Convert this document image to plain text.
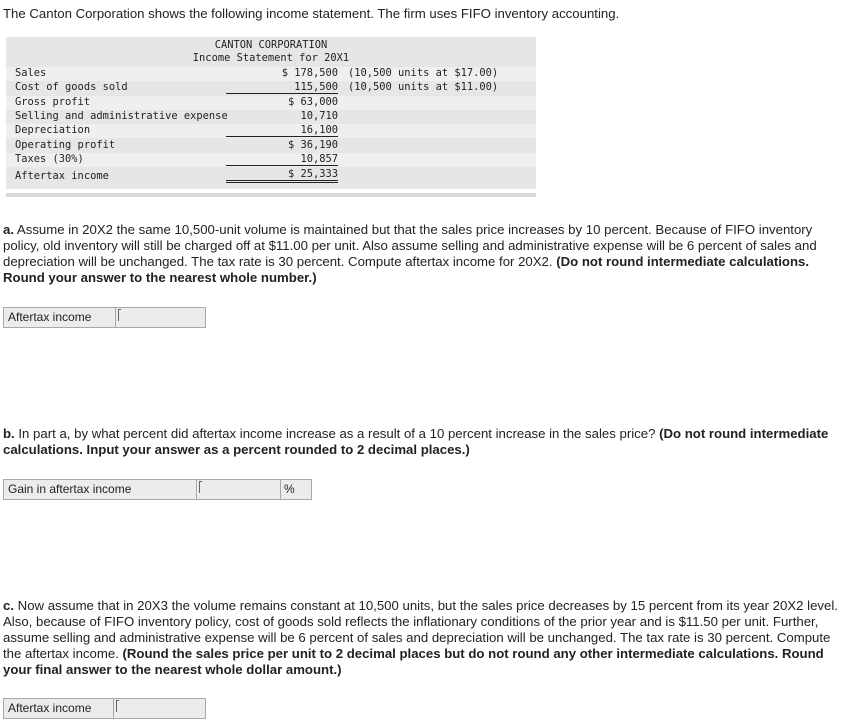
The Canton Corporation shows the following income statement. The firm uses FIFO inventory accounting.
CANTON CORPORATION
Income Statement for 20X1
Sales	$ 178,500 (10,500 units at $17.00)
Cost of goods sold	115,500 (10,500 units at $11.00)
Gross profit	$ 63,000
Selling and administrative expense	10,710
Depreciation	16,100
Operating profit	$ 36,190
Taxes (30%)	10,857
Aftertax income	$ 25,333
a. Assume in 20X2 the same 10,500-unit volume is maintained but that the sales price increases by 10 percent. Because of FIFO inventory policy, old inventory will still be charged off at $11.00 per unit. Also assume selling and administrative expense will be 6 percent of sales and depreciation will be unchanged. The tax rate is 30 percent. Compute aftertax income for 20X2. (Do not round intermediate calculations. Round your answer to the nearest whole number.)
Aftertax income
b. In part a, by what percent did aftertax income increase as a result of a 10 percent increase in the sales price? (Do not round intermediate calculations. Input your answer as a percent rounded to 2 decimal places.)
Gain in aftertax income	%
c. Now assume that in 20X3 the volume remains constant at 10,500 units, but the sales price decreases by 15 percent from its year 20X2 level. Also, because of FIFO inventory policy, cost of goods sold reflects the inflationary conditions of the prior year and is $11.50 per unit. Further, assume selling and administrative expense will be 6 percent of sales and depreciation will be unchanged. The tax rate is 30 percent. Compute the aftertax income. (Round the sales price per unit to 2 decimal places but do not round any other intermediate calculations. Round your final answer to the nearest whole dollar amount.)
Aftertax income
